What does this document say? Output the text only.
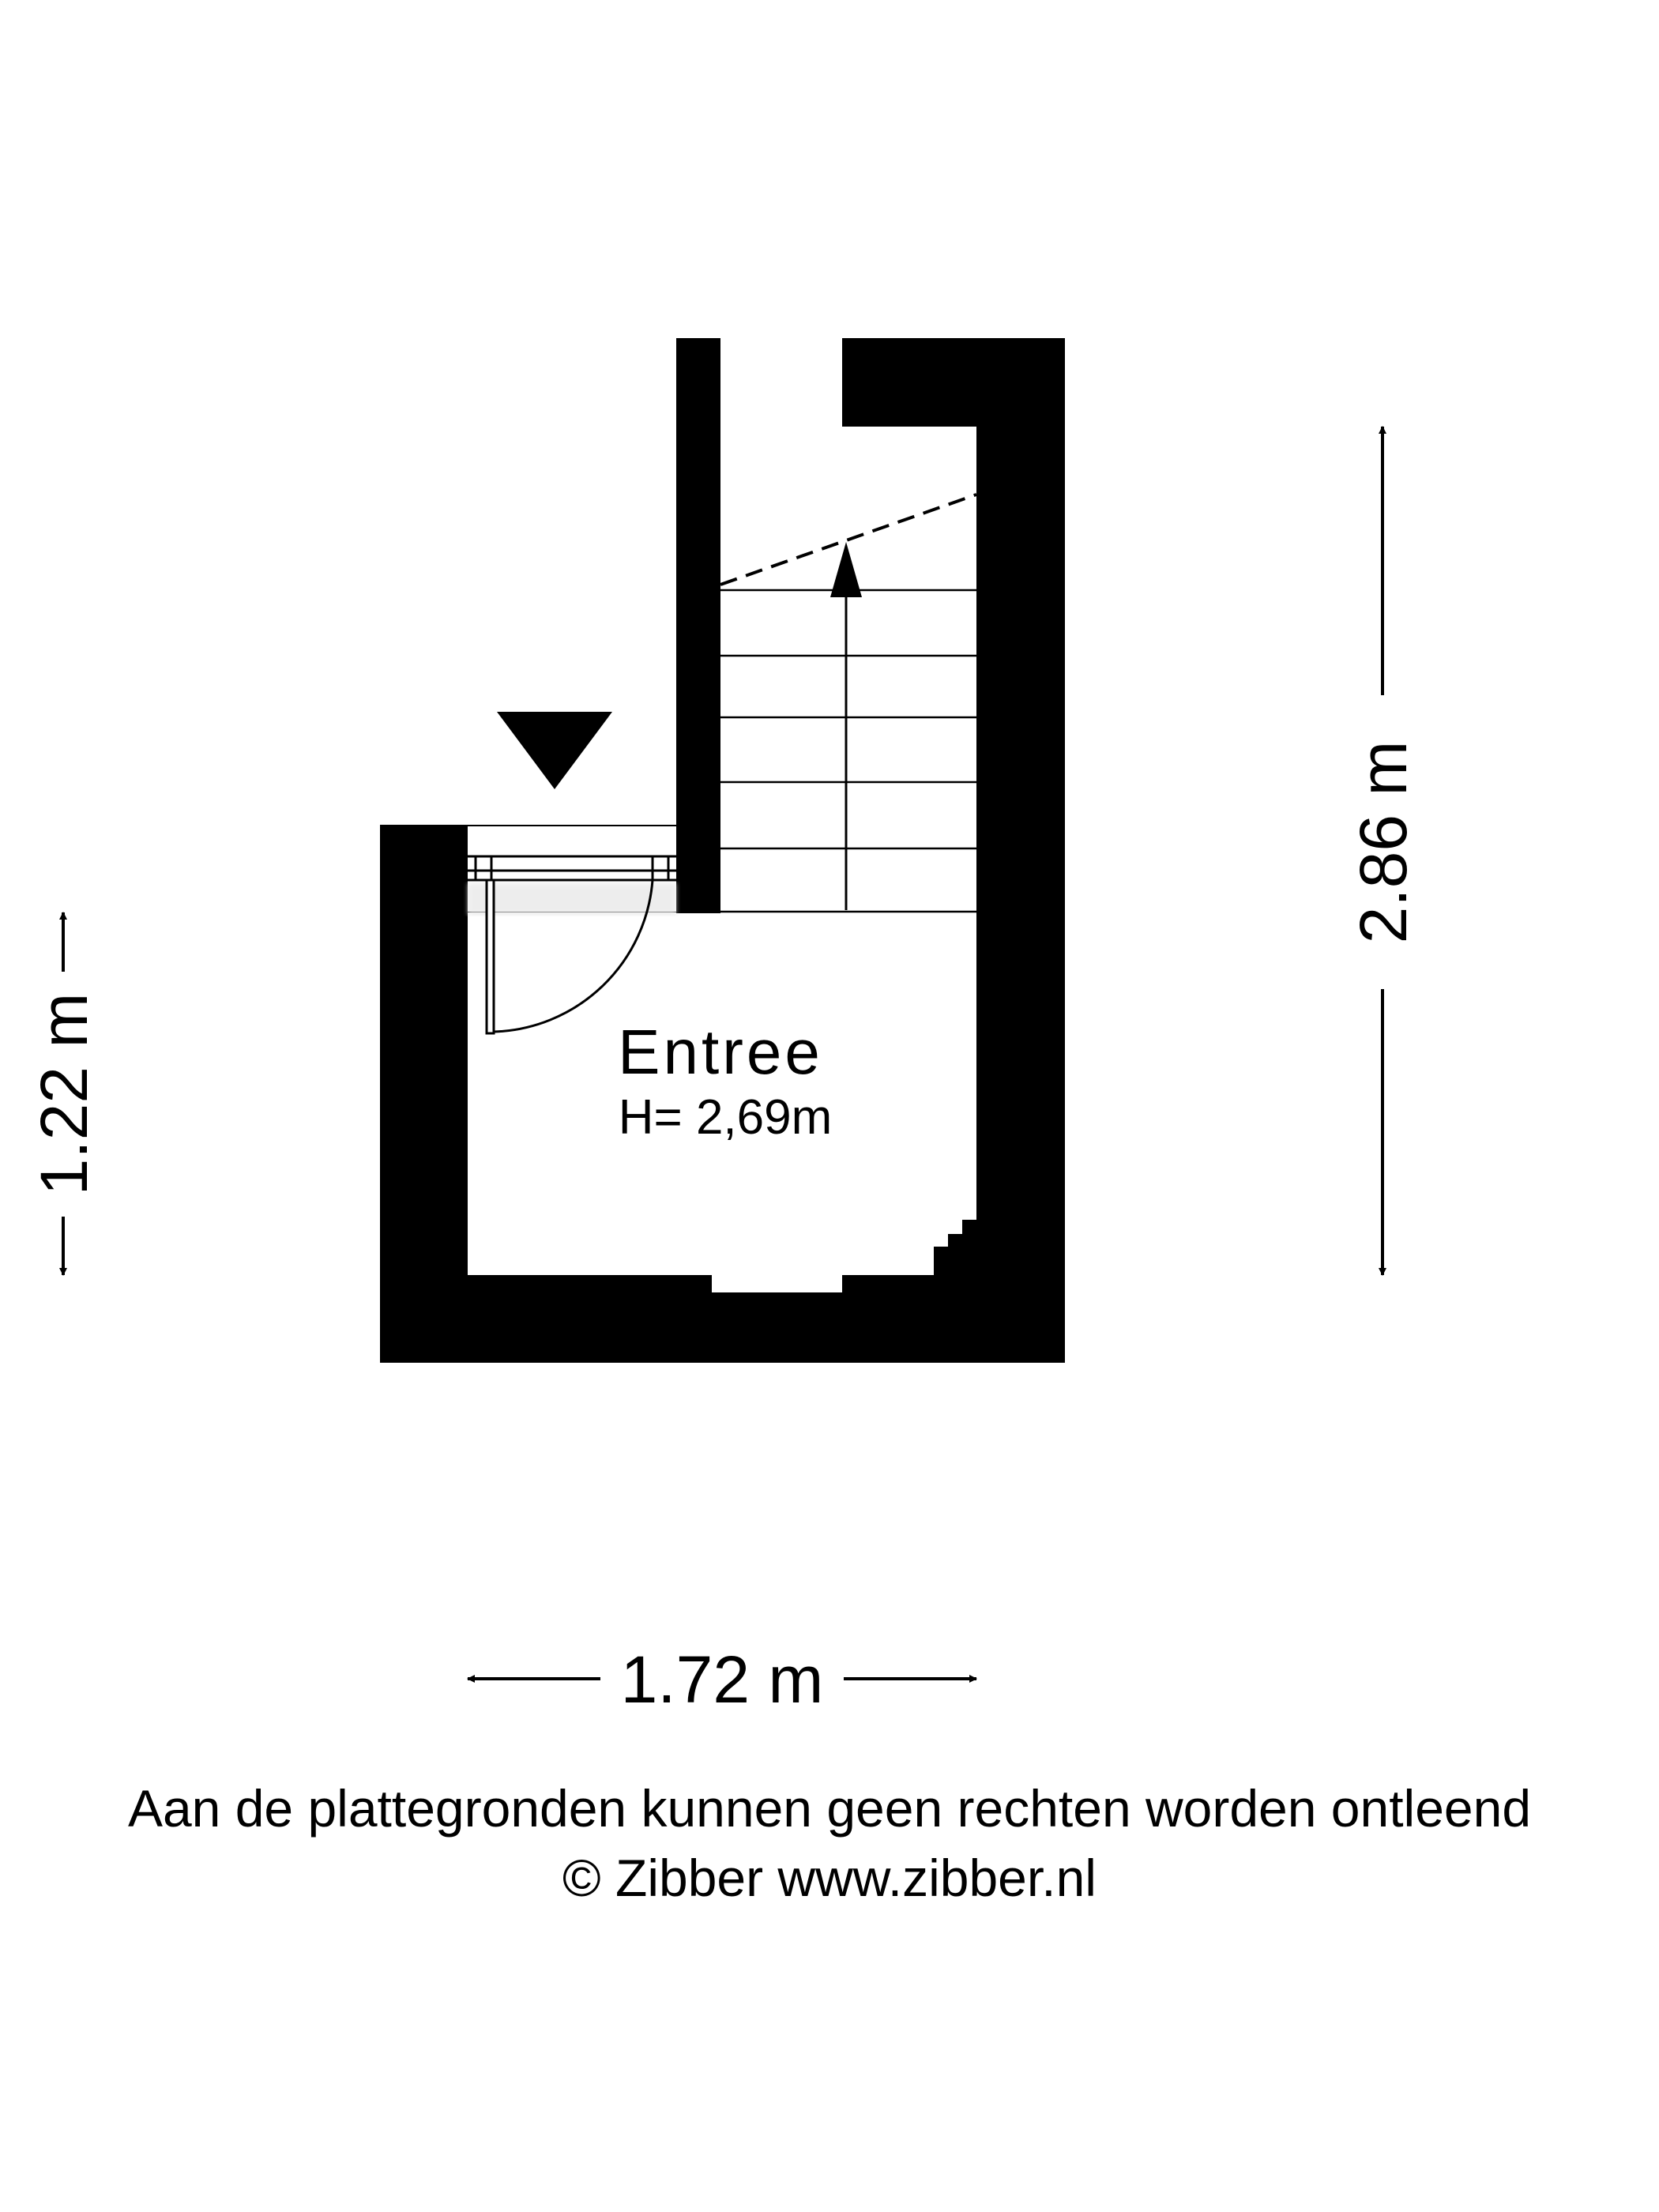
Entree
H= 2,69m
1.72 m
1.22 m
2.86 m
Aan de plattegronden kunnen geen rechten worden ontleend
© Zibber www.zibber.nl
